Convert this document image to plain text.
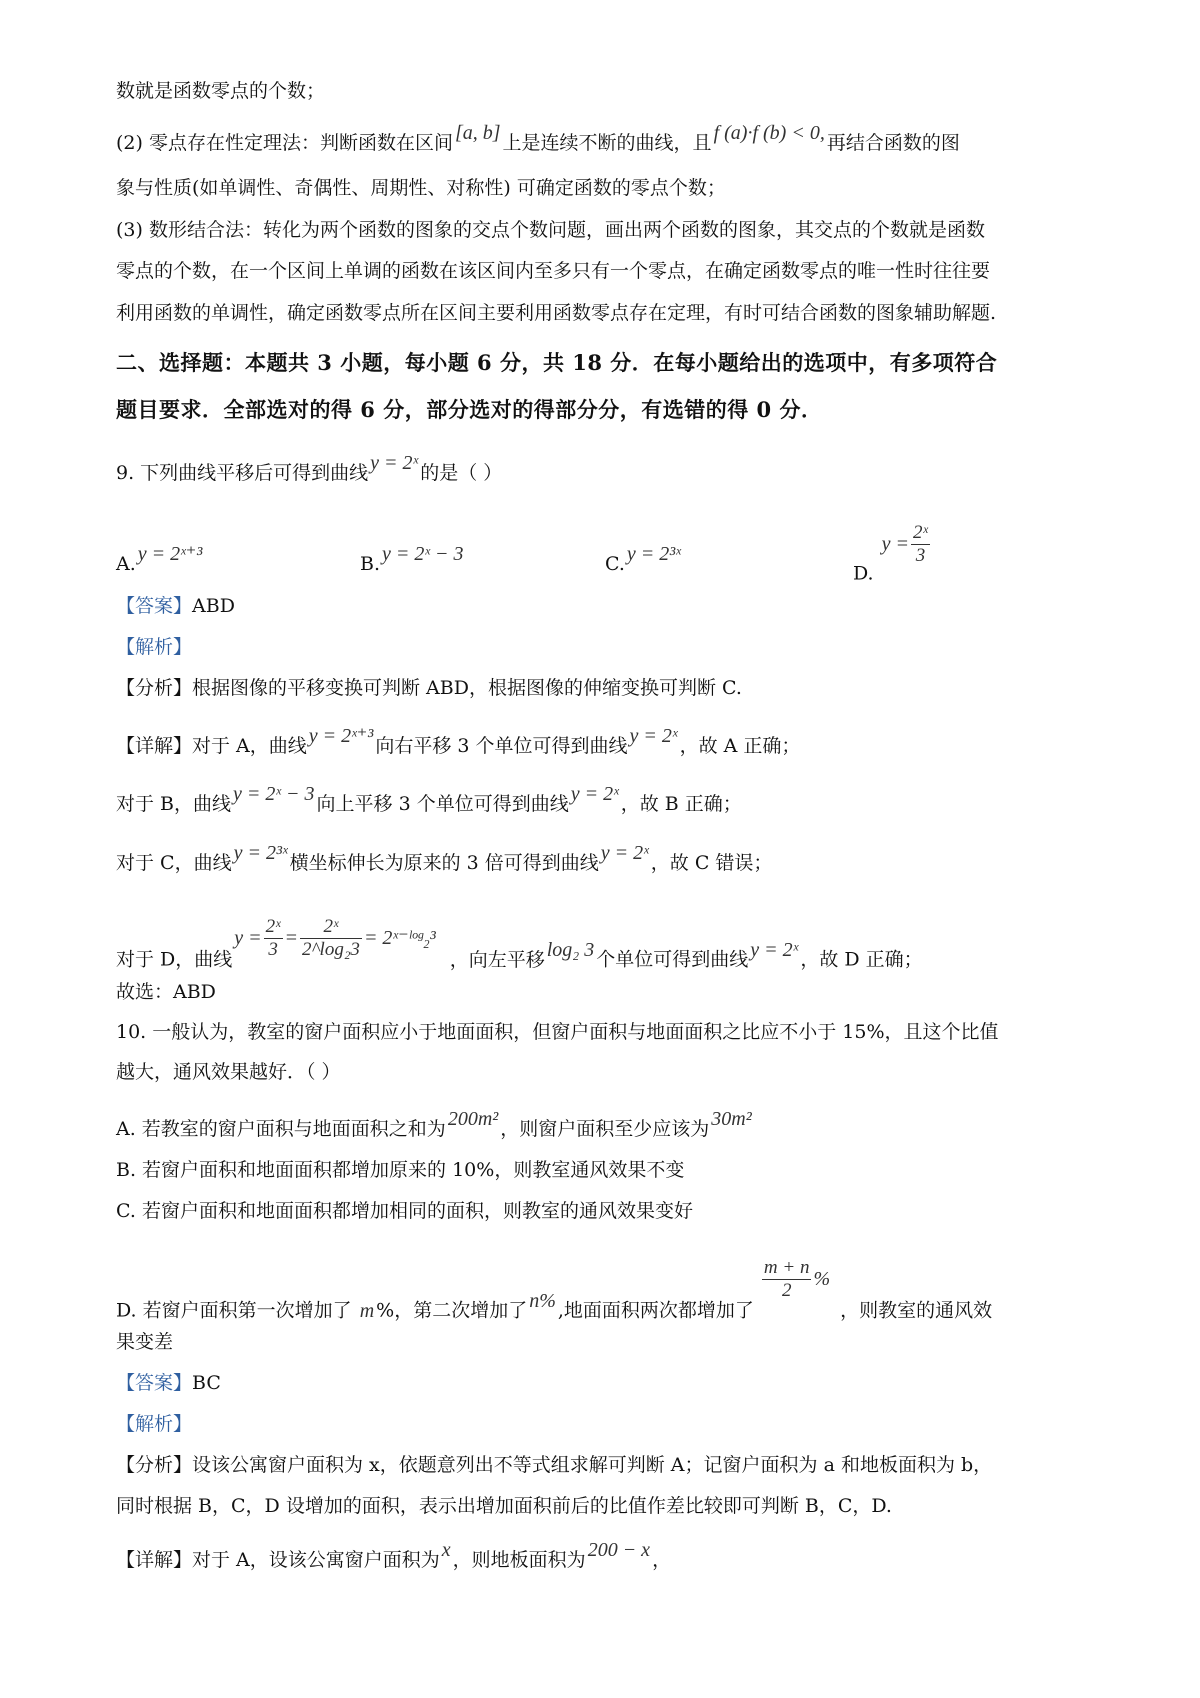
数就是函数零点的个数；
(2) 零点存在性定理法：判断函数在区间 [a, b] 上是连续不断的曲线，且 f (a)·f (b) < 0, 再结合函数的图
象与性质(如单调性、奇偶性、周期性、对称性) 可确定函数的零点个数；
(3) 数形结合法：转化为两个函数的图象的交点个数问题，画出两个函数的图象，其交点的个数就是函数
零点的个数，在一个区间上单调的函数在该区间内至多只有一个零点，在确定函数零点的唯一性时往往要
利用函数的单调性，确定函数零点所在区间主要利用函数零点存在定理，有时可结合函数的图象辅助解题.
二、选择题：本题共 3 小题，每小题 6 分，共 18 分．在每小题给出的选项中，有多项符合
题目要求．全部选对的得 6 分，部分选对的得部分分，有选错的得 0 分．
9. 下列曲线平移后可得到曲线 y = 2ˣ 的是（ ）
A. y = 2ˣ⁺³	B. y = 2ˣ − 3	C. y = 2³ˣ
D. $y = \frac{\text{2ˣ}}{3}$
【答案】ABD
【解析】
【分析】根据图像的平移变换可判断 ABD，根据图像的伸缩变换可判断 C.
【详解】对于 A，曲线 y = 2ˣ⁺³ 向右平移 3 个单位可得到曲线 y = 2ˣ ，故 A 正确；
对于 B，曲线 y = 2ˣ − 3 向上平移 3 个单位可得到曲线 y = 2ˣ ，故 B 正确；
对于 C，曲线 y = 2³ˣ 横坐标伸长为原来的 3 倍可得到曲线 y = 2ˣ ，故 C 错误；
对于 D，曲线$y = \frac{\text{2ˣ}}{3} = \frac{\text{2ˣ}}{\text{2\textasciicircum{}log₂3}}$ = 2ˣ⁻ˡᵒᵍ₂³，向左平移 log₂ 3 个单位可得到曲线 y = 2ˣ ，故 D 正确；
故选：ABD
10. 一般认为，教室的窗户面积应小于地面面积，但窗户面积与地面面积之比应不小于 15%，且这个比值
越大，通风效果越好．（ ）
A. 若教室的窗户面积与地面面积之和为 200m² ，则窗户面积至少应该为 30m²
B. 若窗户面积和地面面积都增加原来的 10%，则教室通风效果不变
C. 若窗户面积和地面面积都增加相同的面积，则教室的通风效果变好
D. 若窗户面积第一次增加了 m %，第二次增加了 n% ,地面面积两次都增加了
$\frac{m + n}{2}$ %，则教室的通风效
果变差
【答案】BC
【解析】
【分析】设该公寓窗户面积为 x，依题意列出不等式组求解可判断 A；记窗户面积为 a 和地板面积为 b，
同时根据 B，C，D 设增加的面积，表示出增加面积前后的比值作差比较即可判断 B，C，D.
【详解】对于 A，设该公寓窗户面积为 x ，则地板面积为 200 − x ，
